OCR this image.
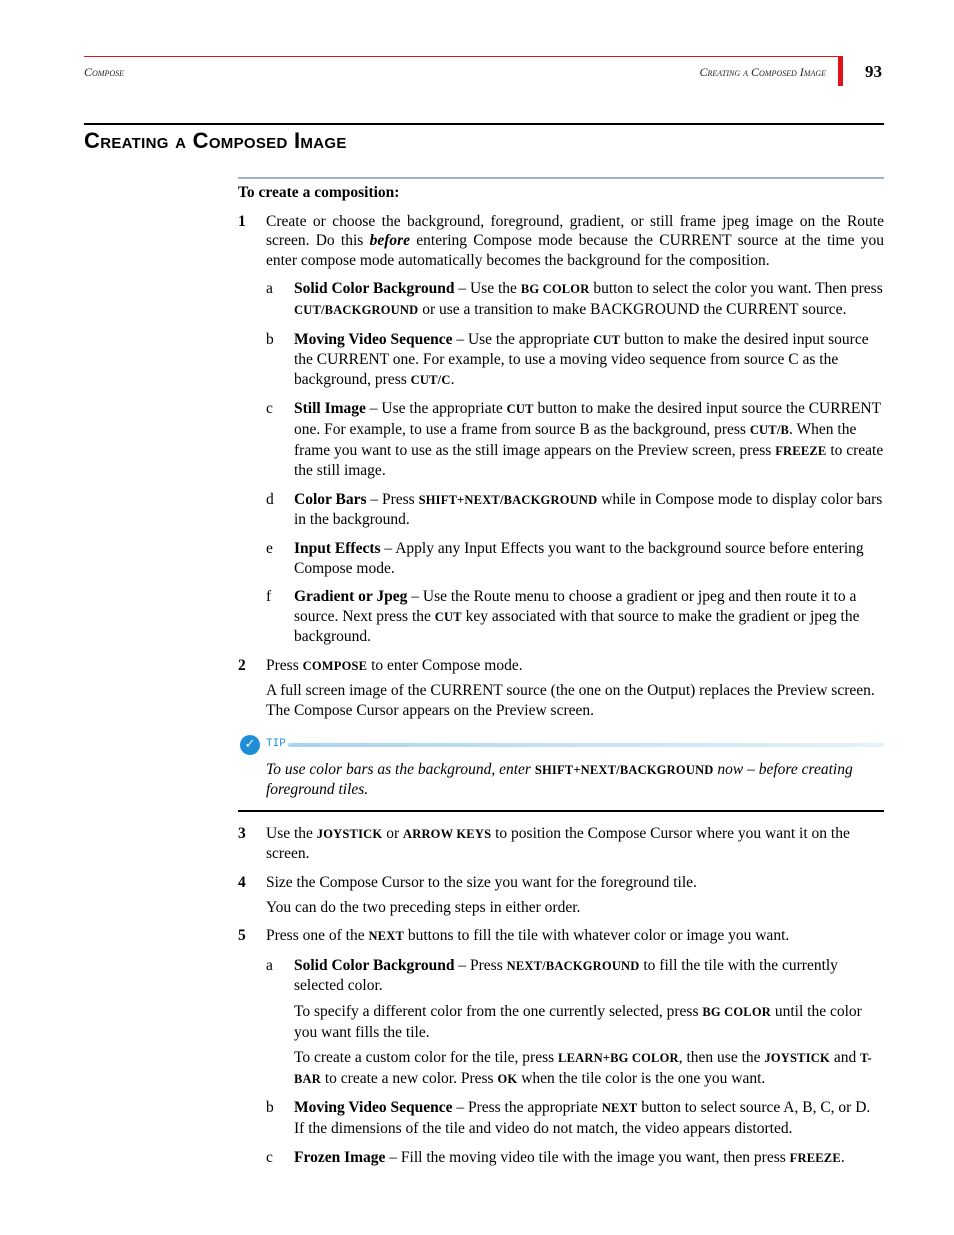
Compose	Creating a Composed Image 93
Creating a Composed Image
To create a composition:
1 Create or choose the background, foreground, gradient, or still frame jpeg image on the Route screen. Do this before entering Compose mode because the CURRENT source at the time you enter compose mode automatically becomes the background for the composition.
a Solid Color Background – Use the BG COLOR button to select the color you want. Then press CUT/BACKGROUND or use a transition to make BACKGROUND the CURRENT source.
b Moving Video Sequence – Use the appropriate CUT button to make the desired input source the CURRENT one. For example, to use a moving video sequence from source C as the background, press CUT/C.
c Still Image – Use the appropriate CUT button to make the desired input source the CURRENT one. For example, to use a frame from source B as the background, press CUT/B. When the frame you want to use as the still image appears on the Preview screen, press FREEZE to create the still image.
d Color Bars – Press SHIFT+NEXT/BACKGROUND while in Compose mode to display color bars in the background.
e Input Effects – Apply any Input Effects you want to the background source before entering Compose mode.
f Gradient or Jpeg – Use the Route menu to choose a gradient or jpeg and then route it to a source. Next press the CUT key associated with that source to make the gradient or jpeg the background.
2 Press COMPOSE to enter Compose mode.
A full screen image of the CURRENT source (the one on the Output) replaces the Preview screen. The Compose Cursor appears on the Preview screen.
✓ TIP
To use color bars as the background, enter SHIFT+NEXT/BACKGROUND now – before creating foreground tiles.
3 Use the JOYSTICK or ARROW KEYS to position the Compose Cursor where you want it on the screen.
4 Size the Compose Cursor to the size you want for the foreground tile.
You can do the two preceding steps in either order.
5 Press one of the NEXT buttons to fill the tile with whatever color or image you want.
a Solid Color Background – Press NEXT/BACKGROUND to fill the tile with the currently selected color.
To specify a different color from the one currently selected, press BG COLOR until the color you want fills the tile.
To create a custom color for the tile, press LEARN+BG COLOR, then use the JOYSTICK and T-BAR to create a new color. Press OK when the tile color is the one you want.
b Moving Video Sequence – Press the appropriate NEXT button to select source A, B, C, or D. If the dimensions of the tile and video do not match, the video appears distorted.
c Frozen Image – Fill the moving video tile with the image you want, then press FREEZE.
